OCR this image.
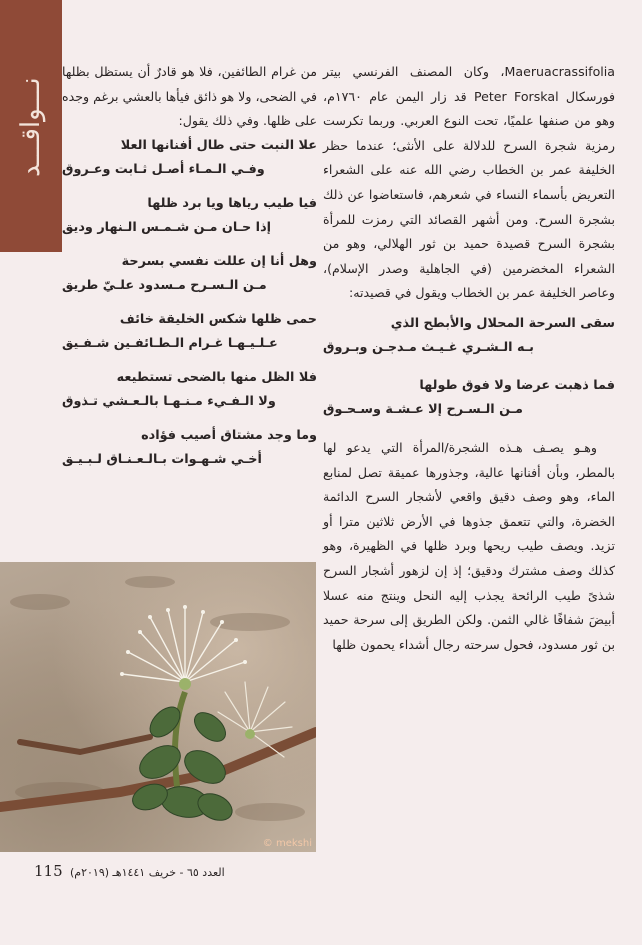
نـــواقـــد

Maeruacrassifolia، وكان المصنف الفرنسي بيتر فورسكال Peter Forskal قد زار اليمن عام ١٧٦٠م، وهو من صنفها علميًا، تحت النوع العربي. وربما تكرست رمزية شجرة السرح للدلالة على الأنثى؛ عندما حظر الخليفة عمر بن الخطاب رضي الله عنه على الشعراء التعريض بأسماء النساء في شعرهم، فاستعاضوا عن ذلك بشجرة السرح. ومن أشهر القصائد التي رمزت للمرأة بشجرة السرح قصيدة حميد بن ثور الهلالي، وهو من الشعراء المخضرمين (في الجاهلية وصدر الإسلام)، وعاصر الخليفة عمر بن الخطاب ويقول في قصيدته:

سقى السرحة المحلال والأبطح الذي
بـه الـشـري غـيـث مـدجـن وبـروق
فما ذهبت عرضا ولا فوق طولها
مـن الـسـرح إلا عـشـة وسـحـوق

وهـو يصـف هـذه الشجرة/المرأة التي يدعو لها بالمطر، وبأن أفنانها عالية، وجذورها عميقة تصل لمنابع الماء، وهو وصف دقيق واقعي لأشجار السرح الدائمة الخضرة، والتي تتعمق جذوها في الأرض ثلاثين مترا أو تزيد. ويصف طيب ريحها وبرد ظلها في الظهيرة، وهو كذلك وصف مشترك ودقيق؛ إذ إن لزهور أشجار السرح شذىً طيب الرائحة يجذب إليه النحل وينتج منه عسلا أبيضَ شفافًا غالي الثمن. ولكن الطريق إلى سرحة حميد بن ثور مسدود، فحول سرحته رجال أشداء يحمون ظلها

من غرام الطائفين، فلا هو قادرٌ أن يستظل بظلها في الضحى، ولا هو ذائق فيأها بالعشي برغم وجده على ظلها. وفي ذلك يقول:

علا النبت حتى طال أفنانها العلا
وفـي الـمـاء أصـل ثـابت وعـروق
فيا طيب رياها ويا برد ظلها
إذا حـان مـن شـمـس الـنهار وديق
وهل أنا إن عللت نفسي بسرحة
مـن الـسـرح مـسدود علـيّ طريق
حمى ظلها شكس الخليقة خائف
عـلـيـهـا غـرام الـطـائفـين شـفـيق
فلا الظل منها بالضحى تستطيعه
ولا الـفـيء مـنـهـا بالـعـشي تـذوق
وما وجد مشتاق أصيب فؤاده
أخـي شـهـوات بـالـعـنـاق لـبـيـق
© mekshi
115 العدد ٦٥ - خريف ١٤٤١هـ (٢٠١٩م)
